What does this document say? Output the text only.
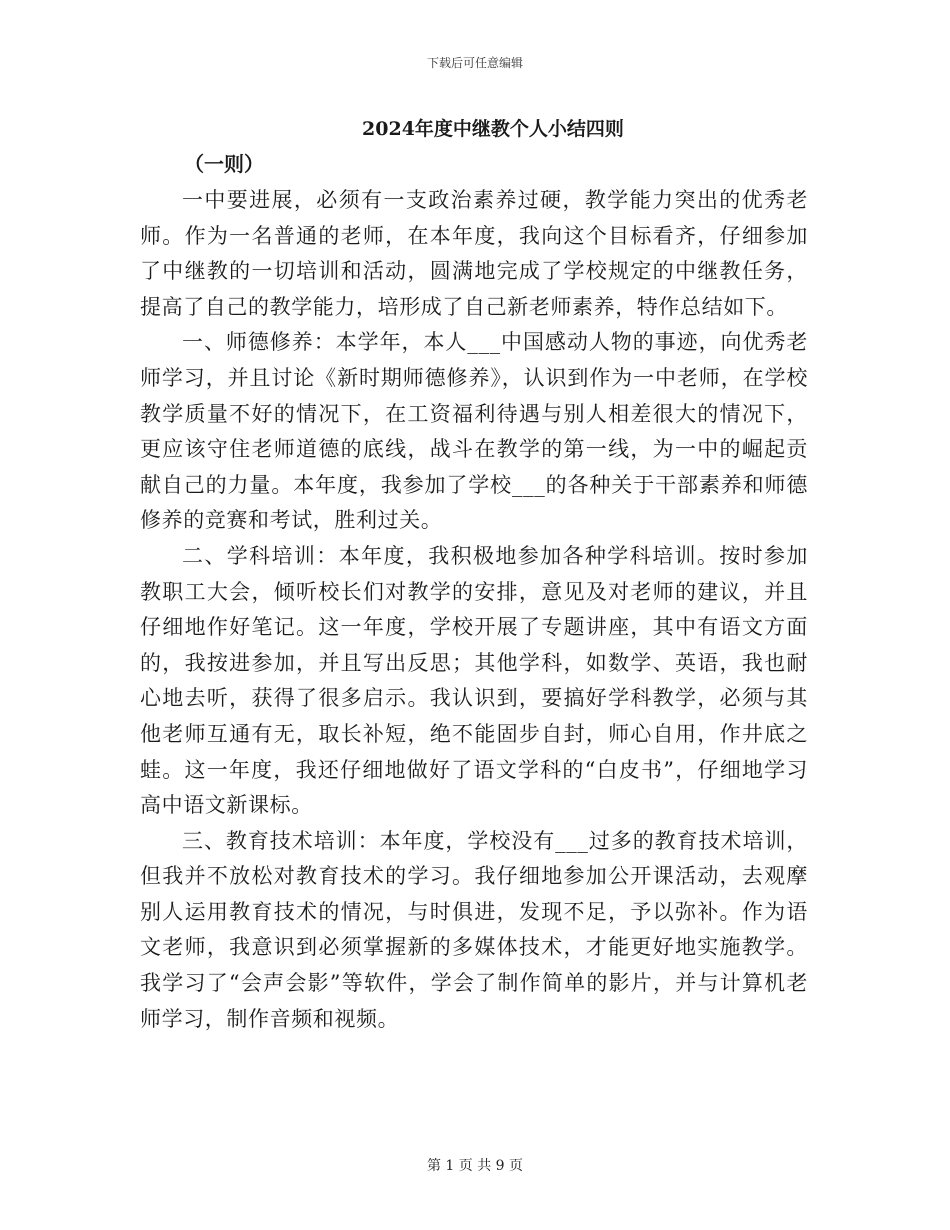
下载后可任意编辑
2024年度中继教个人小结四则
（一则）

一中要进展，必须有一支政治素养过硬，教学能力突出的优秀老师。作为一名普通的老师，在本年度，我向这个目标看齐，仔细参加了中继教的一切培训和活动，圆满地完成了学校规定的中继教任务，提高了自己的教学能力，培形成了自己新老师素养，特作总结如下。

一、师德修养：本学年，本人___中国感动人物的事迹，向优秀老师学习，并且讨论《新时期师德修养》，认识到作为一中老师，在学校教学质量不好的情况下，在工资福利待遇与别人相差很大的情况下，更应该守住老师道德的底线，战斗在教学的第一线，为一中的崛起贡献自己的力量。本年度，我参加了学校___的各种关于干部素养和师德修养的竞赛和考试，胜利过关。

二、学科培训：本年度，我积极地参加各种学科培训。按时参加教职工大会，倾听校长们对教学的安排，意见及对老师的建议，并且仔细地作好笔记。这一年度，学校开展了专题讲座，其中有语文方面的，我按进参加，并且写出反思；其他学科，如数学、英语，我也耐心地去听，获得了很多启示。我认识到，要搞好学科教学，必须与其他老师互通有无，取长补短，绝不能固步自封，师心自用，作井底之蛙。这一年度，我还仔细地做好了语文学科的“白皮书”，仔细地学习高中语文新课标。

三、教育技术培训：本年度，学校没有___过多的教育技术培训，但我并不放松对教育技术的学习。我仔细地参加公开课活动，去观摩别人运用教育技术的情况，与时俱进，发现不足，予以弥补。作为语文老师，我意识到必须掌握新的多媒体技术，才能更好地实施教学。我学习了“会声会影”等软件，学会了制作简单的影片，并与计算机老师学习，制作音频和视频。

第 1 页 共 9 页
